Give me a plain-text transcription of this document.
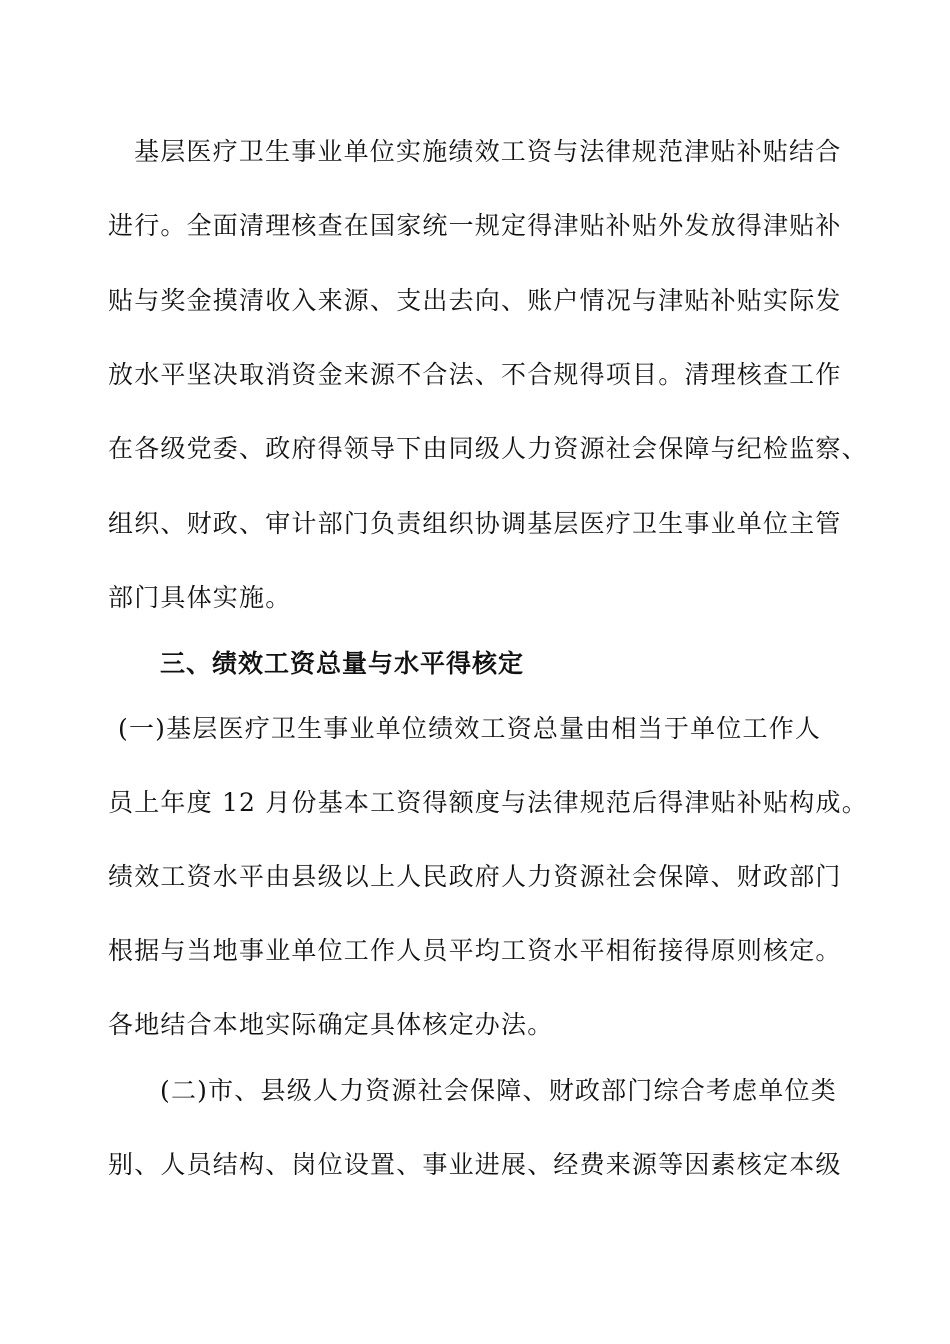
基层医疗卫生事业单位实施绩效工资与法律规范津贴补贴结合
进行。全面清理核查在国家统一规定得津贴补贴外发放得津贴补
贴与奖金摸清收入来源、支出去向、账户情况与津贴补贴实际发
放水平坚决取消资金来源不合法、不合规得项目。清理核查工作
在各级党委、政府得领导下由同级人力资源社会保障与纪检监察、
组织、财政、审计部门负责组织协调基层医疗卫生事业单位主管
部门具体实施。
三、绩效工资总量与水平得核定
(一)基层医疗卫生事业单位绩效工资总量由相当于单位工作人
员上年度 12 月份基本工资得额度与法律规范后得津贴补贴构成。
绩效工资水平由县级以上人民政府人力资源社会保障、财政部门
根据与当地事业单位工作人员平均工资水平相衔接得原则核定。
各地结合本地实际确定具体核定办法。
(二)市、县级人力资源社会保障、财政部门综合考虑单位类
别、人员结构、岗位设置、事业进展、经费来源等因素核定本级
